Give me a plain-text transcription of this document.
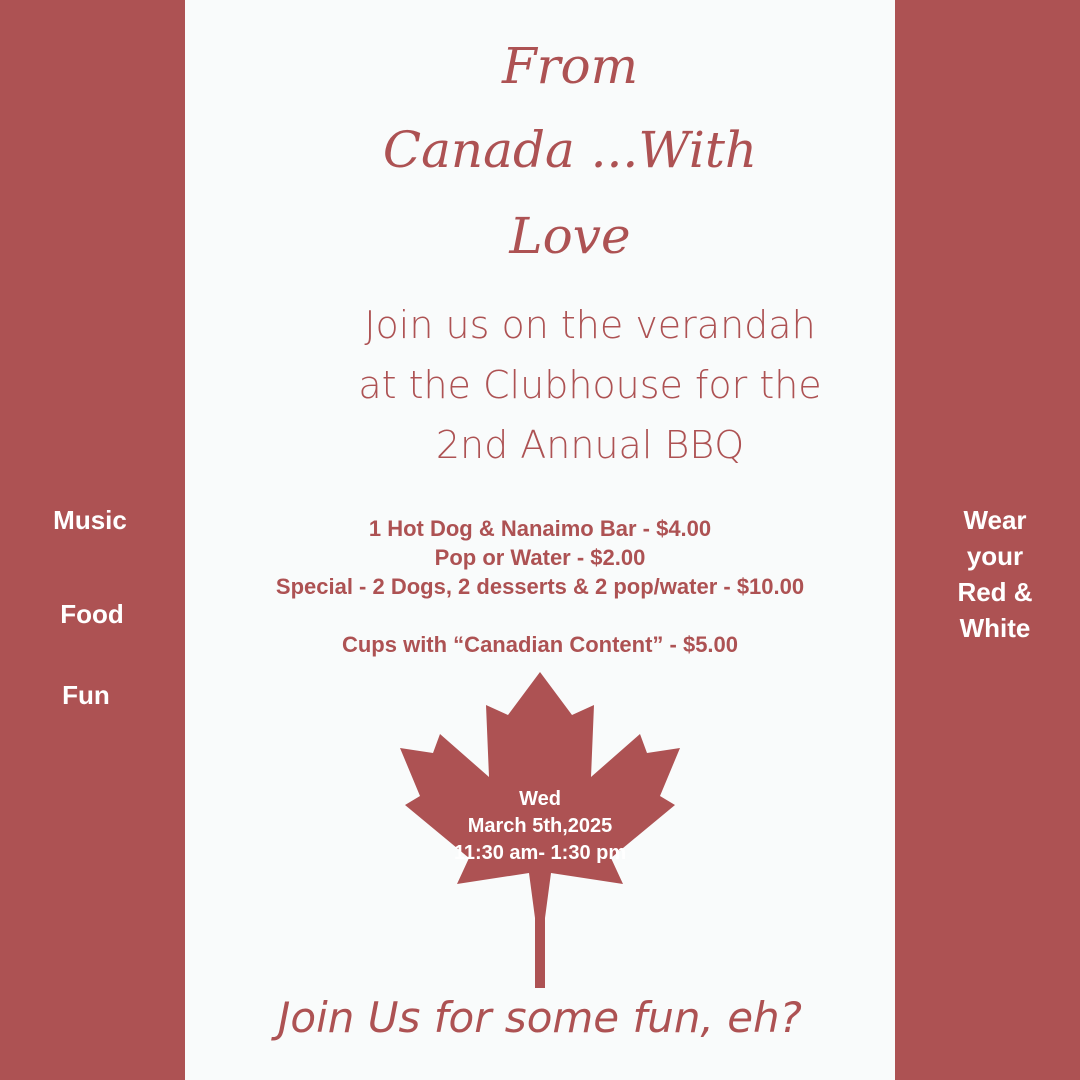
From
Canada ...With
Love
Join us on the verandah
at the Clubhouse for the
2nd Annual BBQ
1 Hot Dog & Nanaimo Bar - $4.00
Pop or Water - $2.00
Special - 2 Dogs, 2 desserts & 2 pop/water - $10.00
Cups with “Canadian Content” - $5.00
Music
Food
Fun
Wear
your
Red &
White
Wed
March 5th,2025
11:30 am- 1:30 pm
Join Us for some fun, eh?
